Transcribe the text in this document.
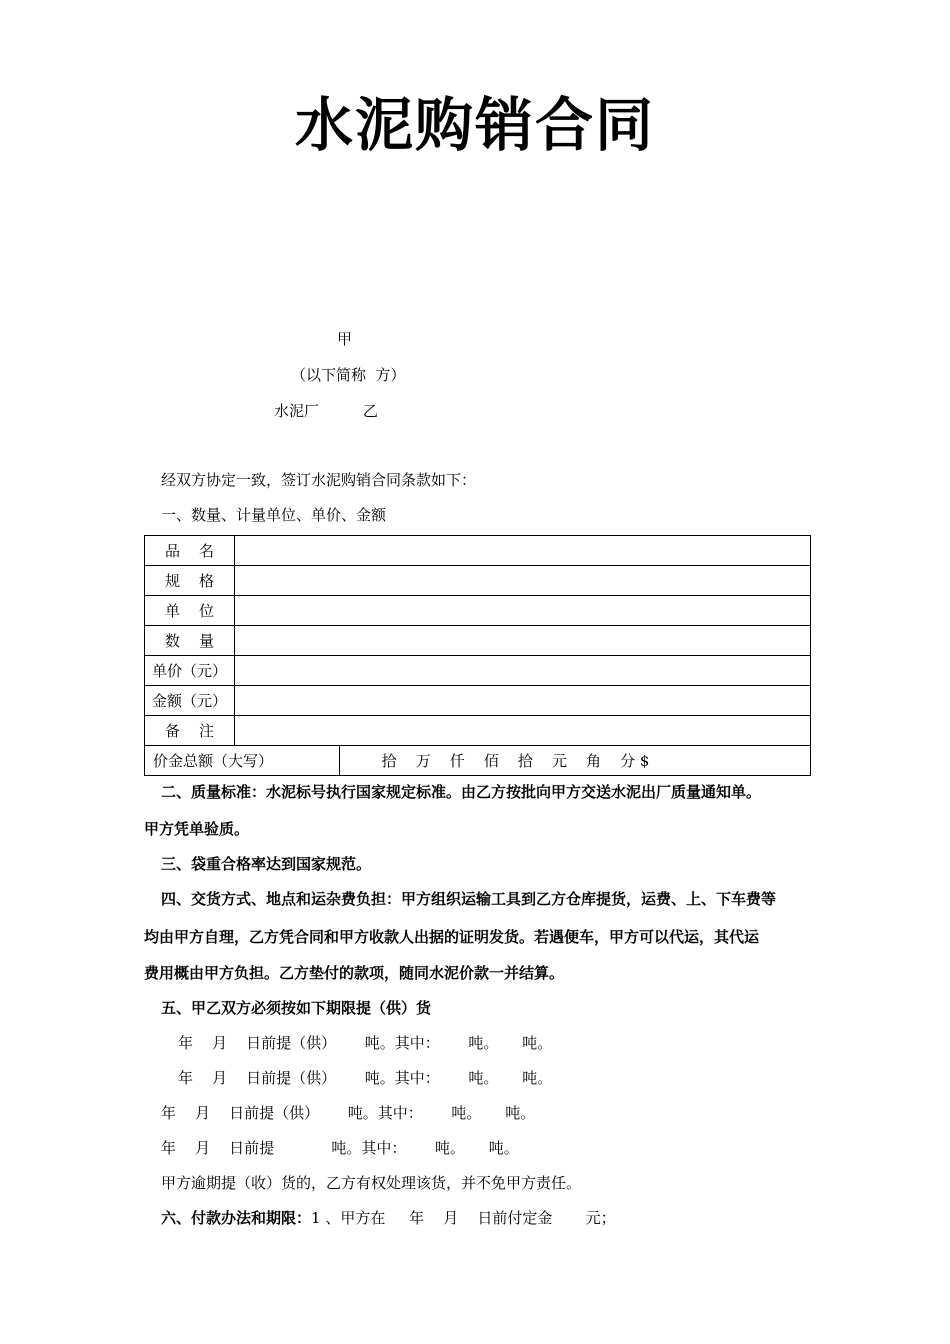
水泥购销合同
甲
（以下简称  方）
水泥厂	乙
经双方协定一致，签订水泥购销合同条款如下：
一、数量、计量单位、单价、金额
品    名		
规    格		
单    位		
数    量		
单价（元）		
金额（元）		
备    注		
价金总额（大写）		拾    万    仟    佰    拾    元    角    分 $
二、质量标准：水泥标号执行国家规定标准。由乙方按批向甲方交送水泥出厂质量通知单。
甲方凭单验质。
三、袋重合格率达到国家规范。
四、交货方式、地点和运杂费负担：甲方组织运输工具到乙方仓库提货，运费、上、下车费等
均由甲方自理，乙方凭合同和甲方收款人出据的证明发货。若遇便车，甲方可以代运，其代运
费用概由甲方负担。乙方垫付的款项，随同水泥价款一并结算。
五、甲乙双方必须按如下期限提（供）货
年    月    日前提（供）      吨。其中：      吨。     吨。
年    月    日前提（供）      吨。其中：      吨。     吨。
年    月    日前提（供）      吨。其中：      吨。     吨。
年    月    日前提            吨。其中：      吨。     吨。
甲方逾期提（收）货的，乙方有权处理该货，并不免甲方责任。
六、付款办法和期限：1 、甲方在     年    月    日前付定金       元；
